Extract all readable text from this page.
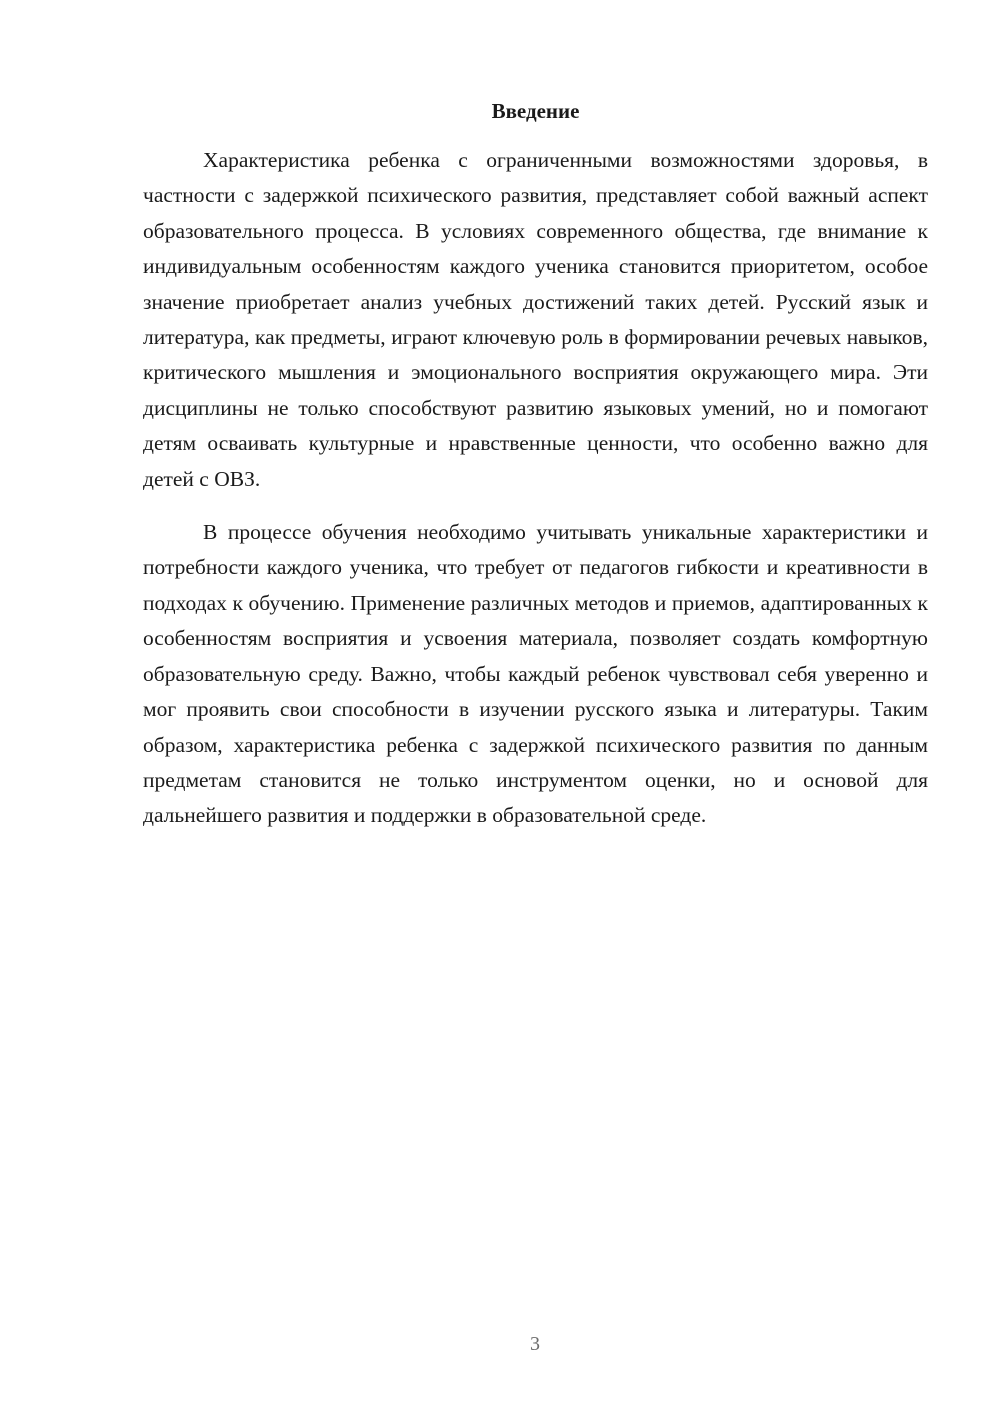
Введение

Характеристика ребенка с ограниченными возможностями здоровья, в частности с задержкой психического развития, представляет собой важный аспект образовательного процесса. В условиях современного общества, где внимание к индивидуальным особенностям каждого ученика становится приоритетом, особое значение приобретает анализ учебных достижений таких детей. Русский язык и литература, как предметы, играют ключевую роль в формировании речевых навыков, критического мышления и эмоционального восприятия окружающего мира. Эти дисциплины не только способствуют развитию языковых умений, но и помогают детям осваивать культурные и нравственные ценности, что особенно важно для детей с ОВЗ.

В процессе обучения необходимо учитывать уникальные характеристики и потребности каждого ученика, что требует от педагогов гибкости и креативности в подходах к обучению. Применение различных методов и приемов, адаптированных к особенностям восприятия и усвоения материала, позволяет создать комфортную образовательную среду. Важно, чтобы каждый ребенок чувствовал себя уверенно и мог проявить свои способности в изучении русского языка и литературы. Таким образом, характеристика ребенка с задержкой психического развития по данным предметам становится не только инструментом оценки, но и основой для дальнейшего развития и поддержки в образовательной среде.

3
